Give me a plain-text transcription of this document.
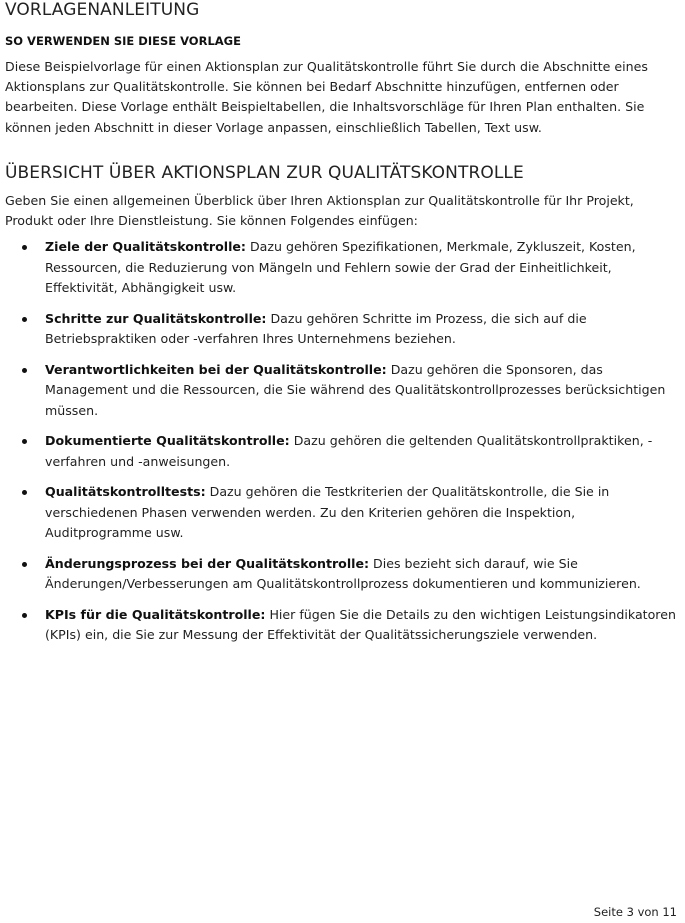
VORLAGENANLEITUNG
SO VERWENDEN SIE DIESE VORLAGE

Diese Beispielvorlage für einen Aktionsplan zur Qualitätskontrolle führt Sie durch die Abschnitte eines Aktionsplans zur Qualitätskontrolle. Sie können bei Bedarf Abschnitte hinzufügen, entfernen oder bearbeiten. Diese Vorlage enthält Beispieltabellen, die Inhaltsvorschläge für Ihren Plan enthalten. Sie können jeden Abschnitt in dieser Vorlage anpassen, einschließlich Tabellen, Text usw.

ÜBERSICHT ÜBER AKTIONSPLAN ZUR QUALITÄTSKONTROLLE

Geben Sie einen allgemeinen Überblick über Ihren Aktionsplan zur Qualitätskontrolle für Ihr Projekt, Produkt oder Ihre Dienstleistung. Sie können Folgendes einfügen:

Ziele der Qualitätskontrolle: Dazu gehören Spezifikationen, Merkmale, Zykluszeit, Kosten, Ressourcen, die Reduzierung von Mängeln und Fehlern sowie der Grad der Einheitlichkeit, Effektivität, Abhängigkeit usw.
Schritte zur Qualitätskontrolle: Dazu gehören Schritte im Prozess, die sich auf die Betriebspraktiken oder -verfahren Ihres Unternehmens beziehen.
Verantwortlichkeiten bei der Qualitätskontrolle: Dazu gehören die Sponsoren, das Management und die Ressourcen, die Sie während des Qualitätskontrollprozesses berücksichtigen müssen.
Dokumentierte Qualitätskontrolle: Dazu gehören die geltenden Qualitätskontrollpraktiken, -verfahren und -anweisungen.
Qualitätskontrolltests: Dazu gehören die Testkriterien der Qualitätskontrolle, die Sie in verschiedenen Phasen verwenden werden. Zu den Kriterien gehören die Inspektion, Auditprogramme usw.
Änderungsprozess bei der Qualitätskontrolle: Dies bezieht sich darauf, wie Sie Änderungen/Verbesserungen am Qualitätskontrollprozess dokumentieren und kommunizieren.
KPIs für die Qualitätskontrolle: Hier fügen Sie die Details zu den wichtigen Leistungsindikatoren (KPIs) ein, die Sie zur Messung der Effektivität der Qualitätssicherungsziele verwenden.
Seite 3 von 11
